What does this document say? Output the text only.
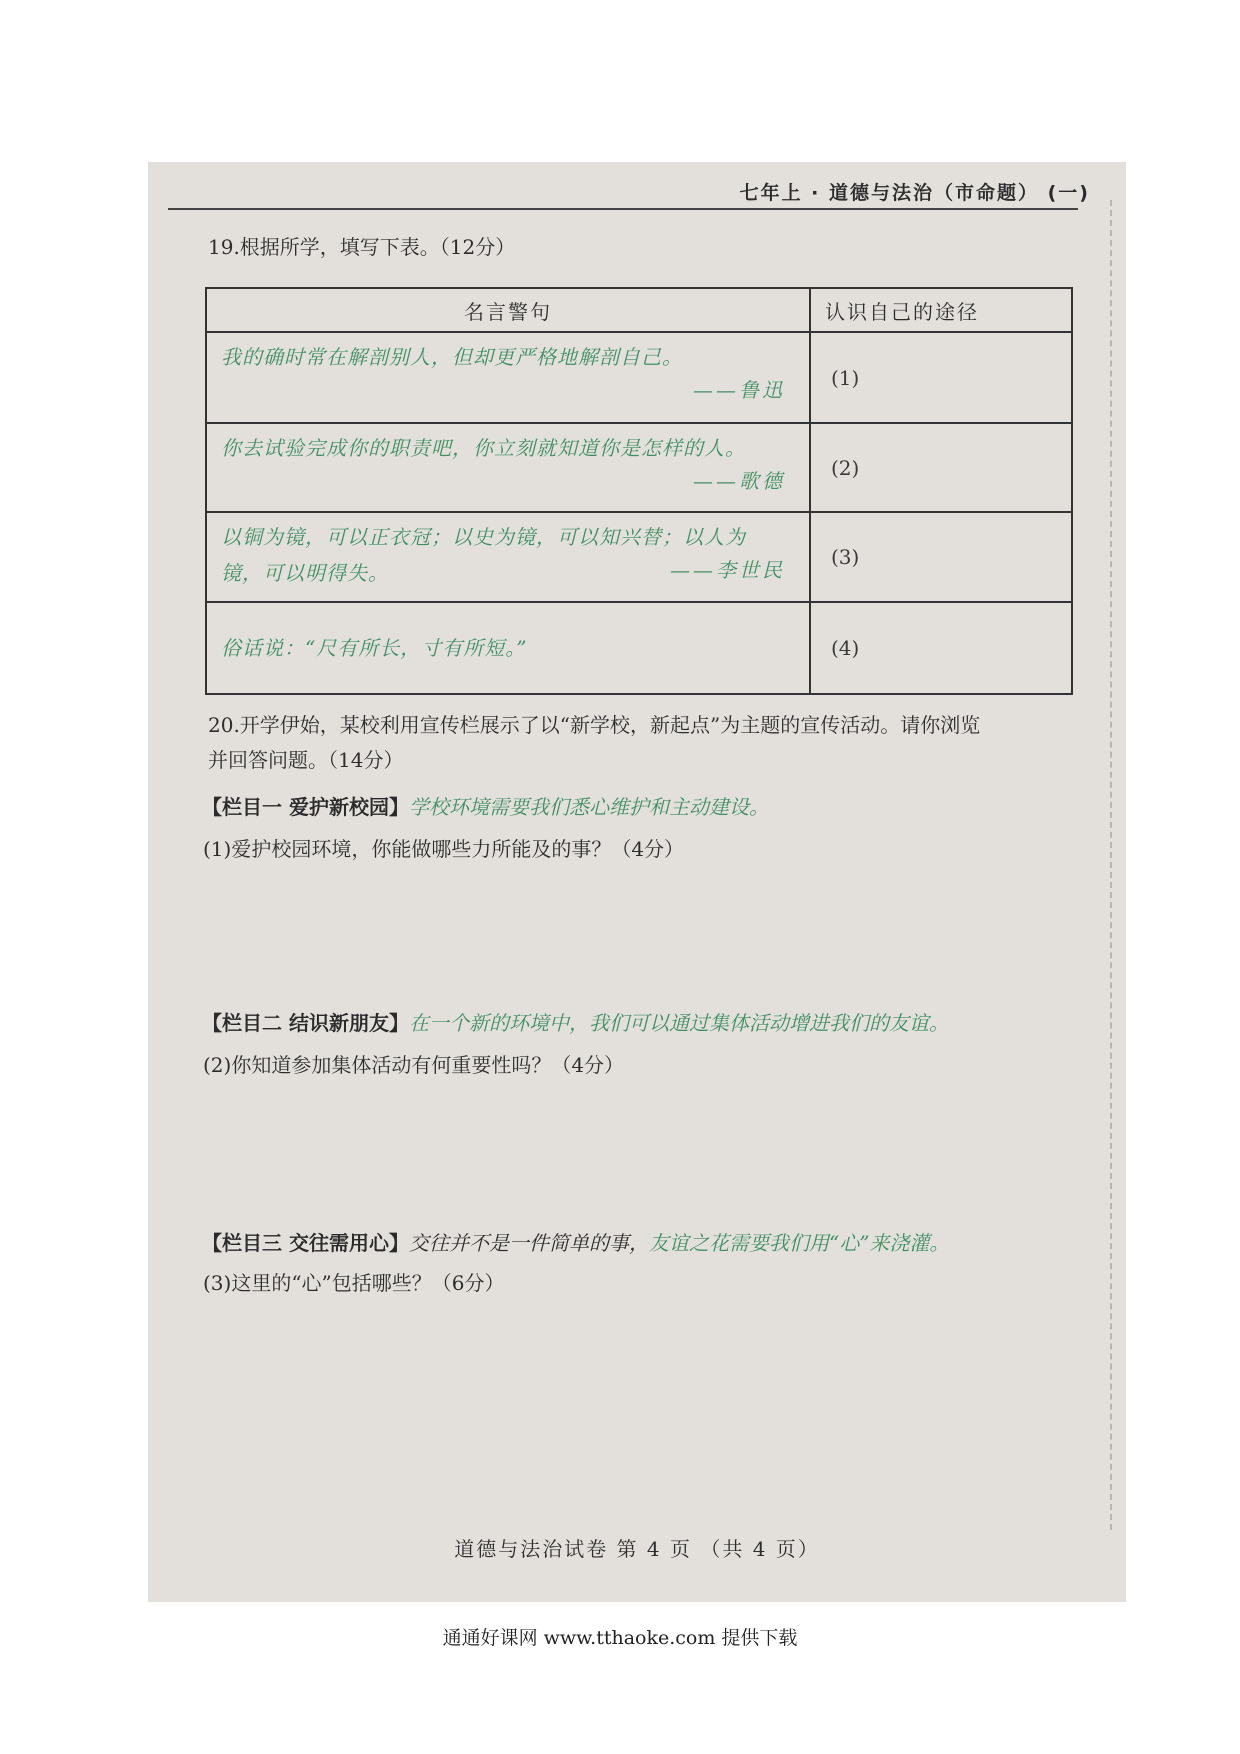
七年上 · 道德与法治（市命题） (一)
19.根据所学，填写下表。（12分）
名言警句	认识自己的途径

我的确时常在解剖别人，但却更严格地解剖自己。
——鲁迅	(1)

你去试验完成你的职责吧，你立刻就知道你是怎样的人。
——歌德	(2)

以铜为镜，可以正衣冠；以史为镜，可以知兴替；以人为
镜，可以明得失。 ——李世民	(3)

俗话说：“尺有所长，寸有所短。”	(4)
20.开学伊始，某校利用宣传栏展示了以“新学校，新起点”为主题的宣传活动。请你浏览
并回答问题。（14分）
【栏目一 爱护新校园】学校环境需要我们悉心维护和主动建设。
(1)爱护校园环境，你能做哪些力所能及的事？（4分）
【栏目二 结识新朋友】在一个新的环境中，我们可以通过集体活动增进我们的友谊。
(2)你知道参加集体活动有何重要性吗？（4分）
【栏目三 交往需用心】交往并不是一件简单的事，友谊之花需要我们用“心”来浇灌。
(3)这里的“心”包括哪些？（6分）
道德与法治试卷 第 4 页 （共 4 页）
通通好课网 www.tthaoke.com 提供下载
